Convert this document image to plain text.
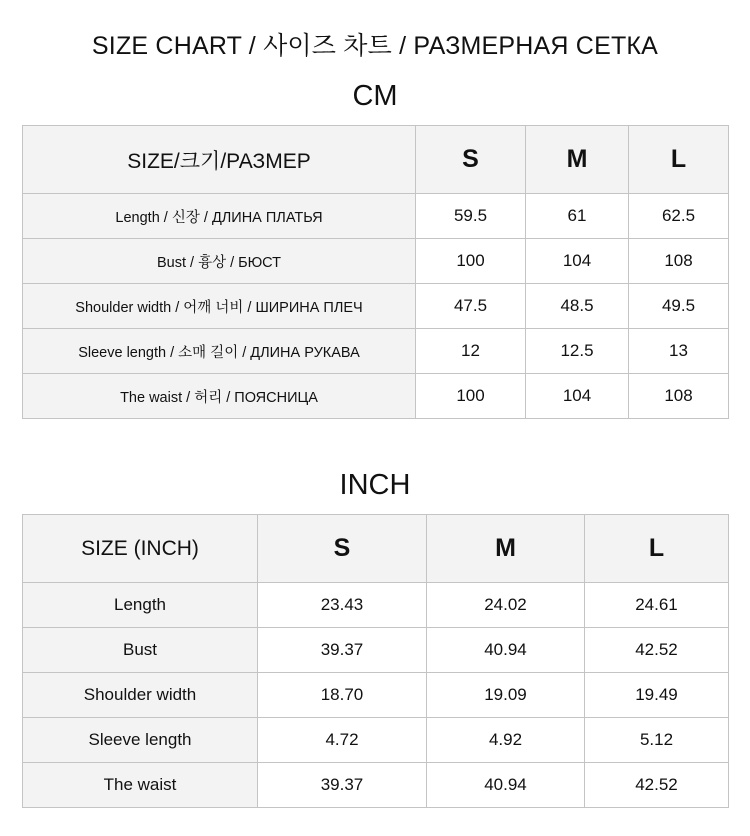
SIZE CHART / 사이즈 차트 / РАЗМЕРНАЯ СЕТКА
CM
SIZE/크기/РАЗМЕР	S	M	L
Length / 신장 / ДЛИНА ПЛАТЬЯ	59.5	61	62.5
Bust / 흉상 / БЮСТ	100	104	108
Shoulder width / 어깨 너비 / ШИРИНА ПЛЕЧ	47.5	48.5	49.5
Sleeve length / 소매 길이 / ДЛИНА РУКАВА	12	12.5	13
The waist / 허리 / ПОЯСНИЦА	100	104	108
INCH
SIZE (INCH)	S	M	L
Length	23.43	24.02	24.61
Bust	39.37	40.94	42.52
Shoulder width	18.70	19.09	19.49
Sleeve length	4.72	4.92	5.12
The waist	39.37	40.94	42.52
